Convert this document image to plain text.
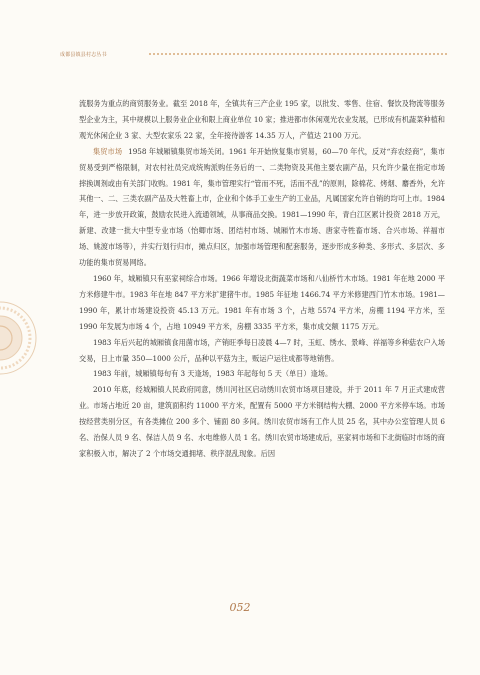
成都县镇县村志丛书

流服务为重点的商贸服务业。截至 2018 年，全镇共有三产企业 195 家，以批发、零售、住宿、餐饮及物流等服务型企业为主，其中规模以上服务业企业和限上商业单位 10 家；推进都市休闲观光农业发展，已形成有机蔬菜种植和观光休闲企业 3 家、大型农家乐 22 家，全年接待游客 14.35 万人，产值达 2100 万元。

集贸市场 1958 年城厢镇集贸市场关闭。1961 年开始恢复集市贸易，60—70 年代，反对“弃农经商”，集市贸易受到严格限制，对农村社员完成统购派购任务后的一、二类物资及其他主要农副产品，只允许少量在指定市场摔换调剂或由有关部门收购。1981 年，集市管理实行“管而不死，活而不乱”的原则，除棉花、烤烟、麝香外，允许其他一、二、三类农副产品及大牲畜上市，企业和个体手工业生产的工业品，凡属国家允许自销的均可上市。1984 年，进一步放开政策，鼓励农民进入流通领域，从事商品交换。1981—1990 年，青白江区累计投资 2818 万元，新建、改建一批大中型专业市场（怡卿市场、团结村市场、城厢竹木市场、唐家寺牲畜市场、合兴市场、祥福市场、姚渡市场等），并实行划行归市，摊点归区，加强市场管理和配套服务，逐步形成多种类、多形式、多层次、多功能的集市贸易网络。

1960 年，城厢镇只有巫家祠综合市场。1966 年增设北街蔬菜市场和八仙桥竹木市场。1981 年在地 2000 平方米修建牛市。1983 年在地 847 平方米扩建猪牛市。1985 年征地 1466.74 平方米修建西门竹木市场。1981—1990 年，累计市场建设投资 45.13 万元。1981 年有市场 3 个，占地 5574 平方米，房棚 1194 平方米，至 1990 年发展为市场 4 个，占地 10949 平方米，房棚 3335 平方米，集市成交额 1175 万元。

1983 年后兴起的城厢镇食用菌市场，产销旺季每日凌晨 4—7 时，玉虹、绣水、景峰、祥福等乡种菇农户入场交易，日上市量 350—1000 公斤，品种以平菇为主，贩运户运往成都等地销售。

1983 年前，城厢镇每旬有 3 天逢场，1983 年起每旬 5 天（单日）逢场。

2010 年底，经城厢镇人民政府同意，绣川河社区启动绣川农贸市场项目建设，并于 2011 年 7 月正式建成营业。市场占地近 20 亩，建筑面积约 11000 平方米，配置有 5000 平方米钢结构大棚、2000 平方米停车场。市场按经营类别分区，有各类摊位 200 多个、铺面 80 多间。绣川农贸市场有工作人员 25 名，其中办公室管理人员 6 名、治保人员 9 名、保洁人员 9 名、水电维修人员 1 名。绣川农贸市场建成后，巫家祠市场和下北街临时市场的商家积极入市，解决了 2 个市场交通拥堵、秩序混乱现象。后因

052
